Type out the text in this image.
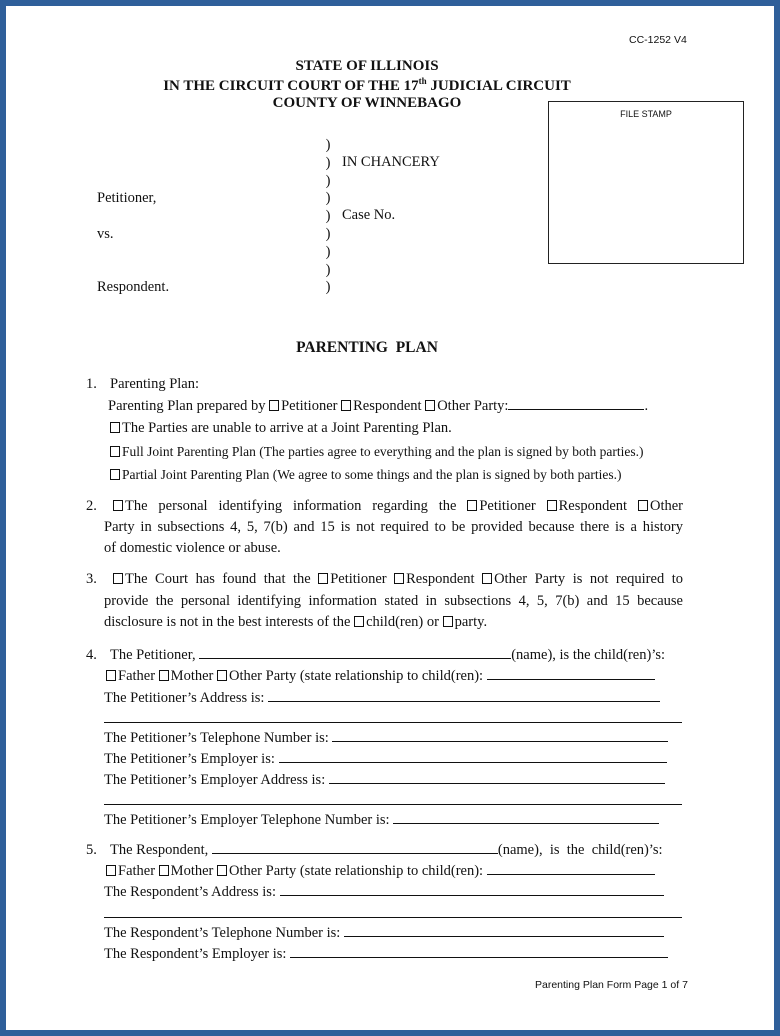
CC-1252 V4
STATE OF ILLINOIS
IN THE CIRCUIT COURT OF THE 17th JUDICIAL CIRCUIT
COUNTY OF WINNEBAGO
FILE STAMP
)
)
)
)
)
)
)
)
)
IN CHANCERY
Petitioner,
Case No.
vs.
Respondent.
PARENTING  PLAN
1. Parenting Plan:
Parenting Plan prepared by Petitioner Respondent Other Party:	.
The Parties are unable to arrive at a Joint Parenting Plan.
Full Joint Parenting Plan (The parties agree to everything and the plan is signed by both parties.)
Partial Joint Parenting Plan (We agree to some things and the plan is signed by both parties.)
2.	The personal identifying information regarding the Petitioner Respondent Other
Party in subsections 4, 5, 7(b) and 15 is not required to be provided because there is a history
of domestic violence or abuse.
3.	The Court has found that the Petitioner Respondent Other Party is not required to
provide the personal identifying information stated in subsections 4, 5, 7(b) and 15 because
disclosure is not in the best interests of the child(ren) or party.
4. The Petitioner,	(name), is the child(ren)’s:
Father Mother Other Party (state relationship to child(ren):
The Petitioner’s Address is:
The Petitioner’s Telephone Number is:
The Petitioner’s Employer is:
The Petitioner’s Employer Address is:
The Petitioner’s Employer Telephone Number is:
5. The Respondent,	(name),  is  the  child(ren)’s:
Father Mother Other Party (state relationship to child(ren):
The Respondent’s Address is:
The Respondent’s Telephone Number is:
The Respondent’s Employer is:
Parenting Plan Form Page 1 of 7
